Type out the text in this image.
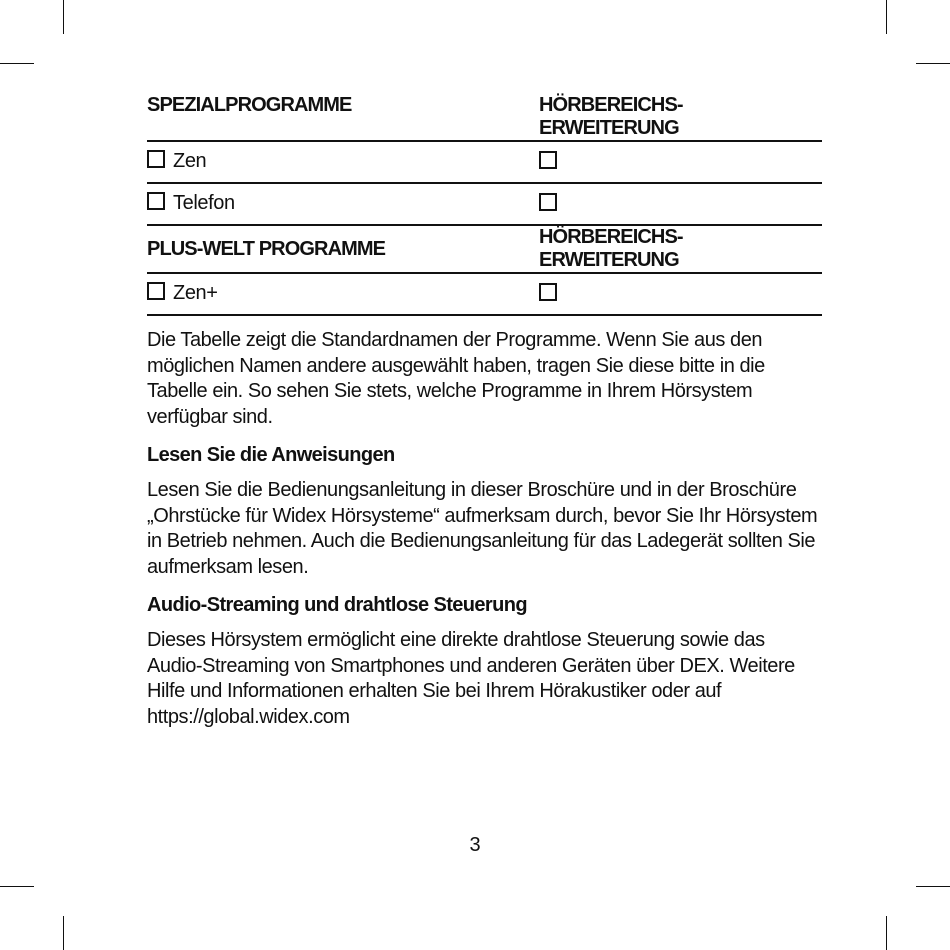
SPEZIALPROGRAMME	HÖRBEREICHS-ERWEITERUNG
Zen	
Telefon	
PLUS-WELT PROGRAMME	HÖRBEREICHS-ERWEITERUNG
Zen+	

Die Tabelle zeigt die Standardnamen der Programme. Wenn Sie aus den möglichen Namen andere ausgewählt haben, tragen Sie diese bitte in die Tabelle ein. So sehen Sie stets, welche Programme in Ihrem Hörsystem verfügbar sind.

Lesen Sie die Anweisungen

Lesen Sie die Bedienungsanleitung in dieser Broschüre und in der Broschüre „Ohrstücke für Widex Hörsysteme“ aufmerksam durch, bevor Sie Ihr Hörsystem in Betrieb nehmen. Auch die Bedienungsanleitung für das Ladegerät sollten Sie aufmerksam lesen.

Audio-Streaming und drahtlose Steuerung

Dieses Hörsystem ermöglicht eine direkte drahtlose Steuerung sowie das Audio-Streaming von Smartphones und anderen Geräten über DEX. Weitere Hilfe und Informationen erhalten Sie bei Ihrem Hörakustiker oder auf https://global.widex.com

3
